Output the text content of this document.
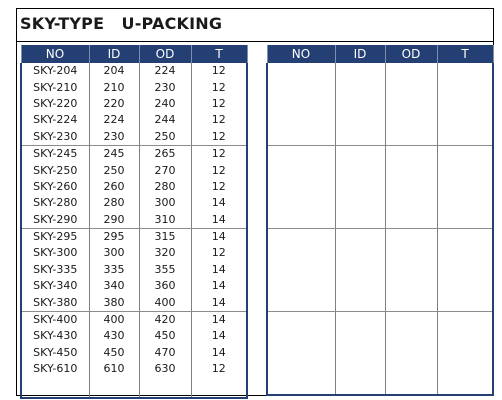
SKY-TYPE   U-PACKING
NO	ID	OD	T
SKY-204	204	224	12
SKY-210	210	230	12
SKY-220	220	240	12
SKY-224	224	244	12
SKY-230	230	250	12
SKY-245	245	265	12
SKY-250	250	270	12
SKY-260	260	280	12
SKY-280	280	300	14
SKY-290	290	310	14
SKY-295	295	315	14
SKY-300	300	320	12
SKY-335	335	355	14
SKY-340	340	360	14
SKY-380	380	400	14
SKY-400	400	420	14
SKY-430	430	450	14
SKY-450	450	470	14
SKY-610	610	630	12

NO	ID	OD	T
